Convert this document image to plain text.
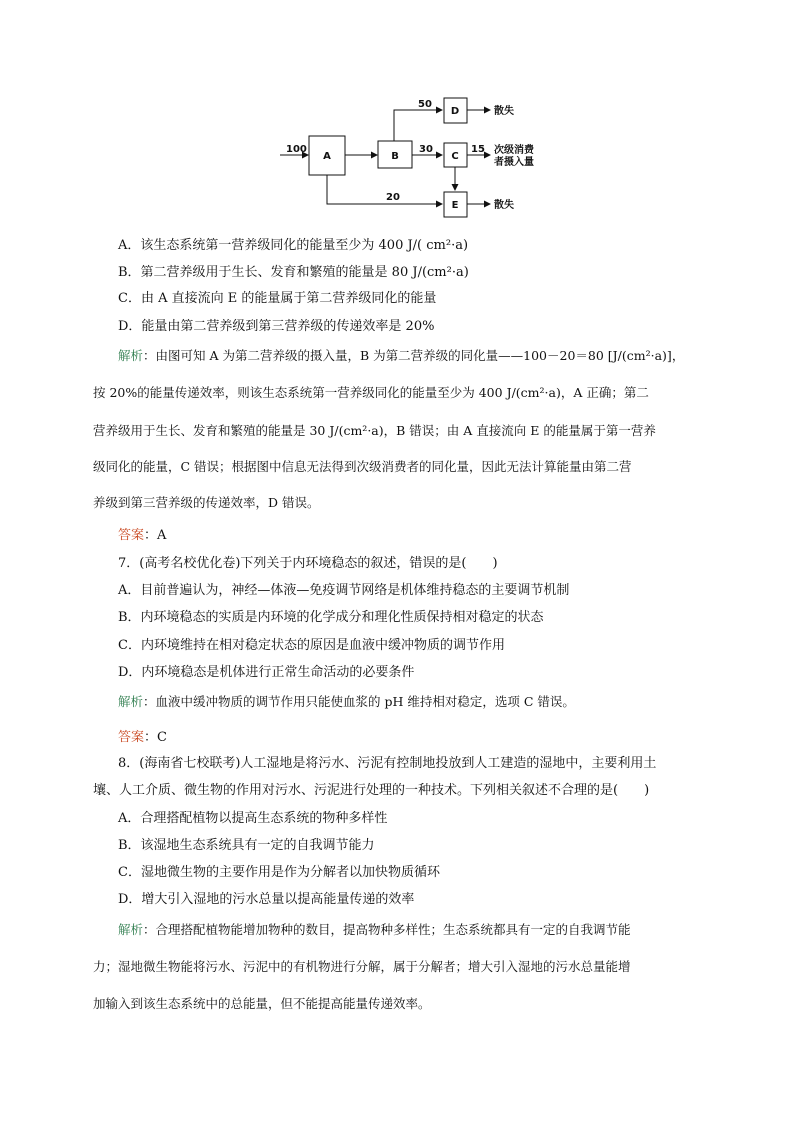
A	B	C
D
E
100
50
30	15
20
散失
散失
次级消费
者摄入量
A．该生态系统第一营养级同化的能量至少为 400 J/( cm²·a)
B．第二营养级用于生长、发育和繁殖的能量是 80 J/(cm²·a)
C．由 A 直接流向 E 的能量属于第二营养级同化的能量
D．能量由第二营养级到第三营养级的传递效率是 20%
解析：由图可知 A 为第二营养级的摄入量，B 为第二营养级的同化量——100－20＝80 [J/(cm²·a)]，
按 20%的能量传递效率，则该生态系统第一营养级同化的能量至少为 400 J/(cm²·a)，A 正确；第二
营养级用于生长、发育和繁殖的能量是 30 J/(cm²·a)，B 错误；由 A 直接流向 E 的能量属于第一营养
级同化的能量，C 错误；根据图中信息无法得到次级消费者的同化量，因此无法计算能量由第二营
养级到第三营养级的传递效率，D 错误。
答案：A
7．(高考名校优化卷)下列关于内环境稳态的叙述，错误的是(　　)
A．目前普遍认为，神经—体液—免疫调节网络是机体维持稳态的主要调节机制
B．内环境稳态的实质是内环境的化学成分和理化性质保持相对稳定的状态
C．内环境维持在相对稳定状态的原因是血液中缓冲物质的调节作用
D．内环境稳态是机体进行正常生命活动的必要条件
解析：血液中缓冲物质的调节作用只能使血浆的 pH 维持相对稳定，选项 C 错误。
答案：C
8．(海南省七校联考)人工湿地是将污水、污泥有控制地投放到人工建造的湿地中，主要利用土
壤、人工介质、微生物的作用对污水、污泥进行处理的一种技术。下列相关叙述不合理的是(　　)
A．合理搭配植物以提高生态系统的物种多样性
B．该湿地生态系统具有一定的自我调节能力
C．湿地微生物的主要作用是作为分解者以加快物质循环
D．增大引入湿地的污水总量以提高能量传递的效率
解析：合理搭配植物能增加物种的数目，提高物种多样性；生态系统都具有一定的自我调节能
力；湿地微生物能将污水、污泥中的有机物进行分解，属于分解者；增大引入湿地的污水总量能增
加输入到该生态系统中的总能量，但不能提高能量传递效率。
